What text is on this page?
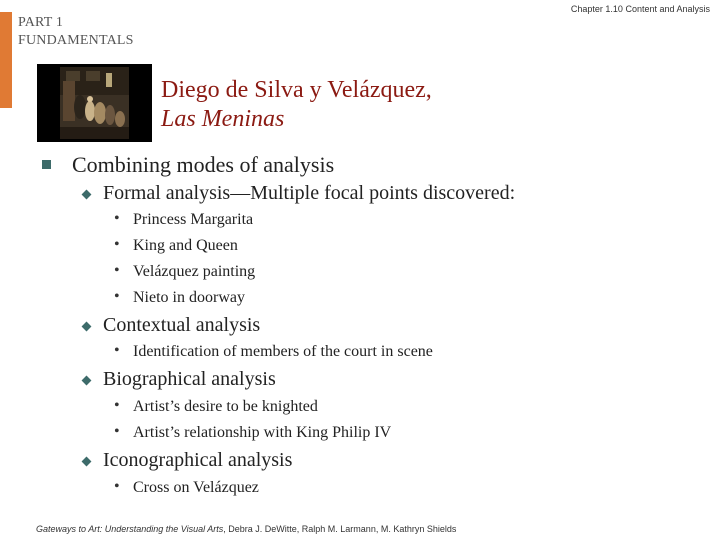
PART 1
FUNDAMENTALS
Chapter 1.10 Content and Analysis
Diego de Silva y Velázquez,
Las Meninas
Combining modes of analysis
Formal analysis—Multiple focal points discovered:
• Princess Margarita
• King and Queen
• Velázquez painting
• Nieto in doorway
Contextual analysis
• Identification of members of the court in scene
Biographical analysis
• Artist’s desire to be knighted
• Artist’s relationship with King Philip IV
Iconographical analysis
• Cross on Velázquez
Gateways to Art: Understanding the Visual Arts, Debra J. DeWitte, Ralph M. Larmann, M. Kathryn Shields
